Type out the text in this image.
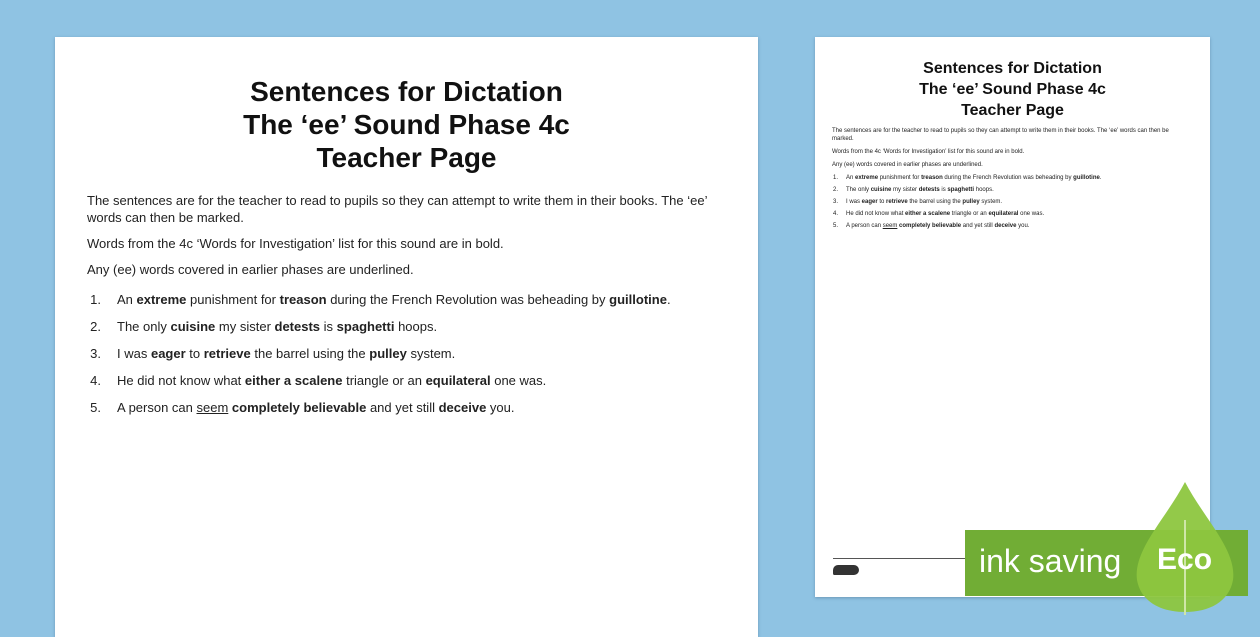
Sentences for Dictation
The ‘ee’ Sound Phase 4c
Teacher Page

The sentences are for the teacher to read to pupils so they can attempt to write them in their books. The ‘ee’ words can then be marked.

Words from the 4c ‘Words for Investigation’ list for this sound are in bold.

Any (ee) words covered in earlier phases are underlined.

1.	An extreme punishment for treason during the French Revolution was beheading by guillotine.
2.	The only cuisine my sister detests is spaghetti hoops.
3.	I was eager to retrieve the barrel using the pulley system.
4.	He did not know what either a scalene triangle or an equilateral one was.
5.	A person can seem completely believable and yet still deceive you.
Sentences for Dictation
The ‘ee’ Sound Phase 4c
Teacher Page

The sentences are for the teacher to read to pupils so they can attempt to write them in their books. The ‘ee’ words can then be marked.

Words from the 4c ‘Words for Investigation’ list for this sound are in bold.

Any (ee) words covered in earlier phases are underlined.

1.	An extreme punishment for treason during the French Revolution was beheading by guillotine.
2.	The only cuisine my sister detests is spaghetti hoops.
3.	I was eager to retrieve the barrel using the pulley system.
4.	He did not know what either a scalene triangle or an equilateral one was.
5.	A person can seem completely believable and yet still deceive you.
ink saving Eco
